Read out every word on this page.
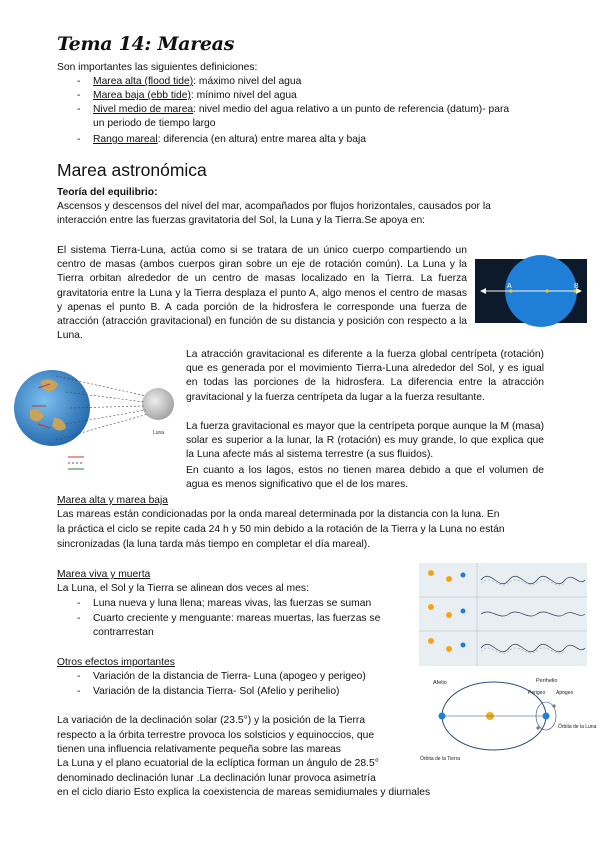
Tema 14: Mareas
Son importantes las siguientes definiciones:
- Marea alta (flood tide): máximo nivel del agua
- Marea baja (ebb tide): mínimo nivel del agua
- Nivel medio de marea: nivel medio del agua relativo a un punto de referencia (datum)- para
un periodo de tiempo largo
- Rango mareal: diferencia (en altura) entre marea alta y baja
Marea astronómica
Teoría del equilibrio:
Ascensos y descensos del nivel del mar, acompañados por flujos horizontales, causados por la
interacción entre las fuerzas gravitatoria del Sol, la Luna y la Tierra.Se apoya en:
El sistema Tierra-Luna, actúa como si se tratara de un único cuerpo compartiendo un centro de masas (ambos cuerpos giran sobre un eje de rotación común). La Luna y la Tierra orbitan alrededor de un centro de masas localizado en la Tierra. La fuerza gravitatoria entre la Luna y la Tierra desplaza el punto A, algo menos el centro de masas y apenas el punto B. A cada porción de la hidrosfera le corresponde una fuerza de atracción (atracción gravitacional) en función de su distancia y posición con respecto a la Luna.
La atracción gravitacional es diferente a la fuerza global centrípeta (rotación) que es generada por el movimiento Tierra-Luna alrededor del Sol, y es igual en todas las porciones de la hidrosfera. La diferencia entre la atracción gravitacional y la fuerza centrípeta da lugar a la fuerza resultante.
La fuerza gravitacional es mayor que la centrípeta porque aunque la M (masa) solar es superior a la lunar, la R (rotación) es muy grande, lo que explica que la Luna afecte más al sistema terrestre (a sus fluidos).
En cuanto a los lagos, estos no tienen marea debido a que el volumen de agua es menos significativo que el de los mares.
Marea alta y marea baja
Las mareas están condicionadas por la onda mareal determinada por la distancia con la luna. En
la práctica el ciclo se repite cada 24 h y 50 min debido a la rotación de la Tierra y la Luna no están
sincronizadas (la luna tarda más tiempo en completar el día mareal).
Marea viva y muerta
La Luna, el Sol y la Tierra se alinean dos veces al mes:
- Luna nueva y luna llena; mareas vivas, las fuerzas se suman
- Cuarto creciente y menguante: mareas muertas, las fuerzas se
contrarrestan
Otros efectos importantes
- Variación de la distancia de Tierra- Luna (apogeo y perigeo)
- Variación de la distancia Tierra- Sol (Afelio y perihelio)
La variación de la declinación solar (23.5°) y la posición de la Tierra
respecto a la órbita terrestre provoca los solsticios y equinoccios, que
tienen una influencia relativamente pequeña sobre las mareas
La Luna y el plano ecuatorial de la eclíptica forman un ángulo de 28.5°
denominado declinación lunar .La declinación lunar provoca asimetría
en el ciclo diario Esto explica la coexistencia de mareas semidiurnales y diurnales
A	B
Luna
Afelio	Perihelio
Perigeo Apogeo
Órbita de la Luna
Órbita de la Tierra
